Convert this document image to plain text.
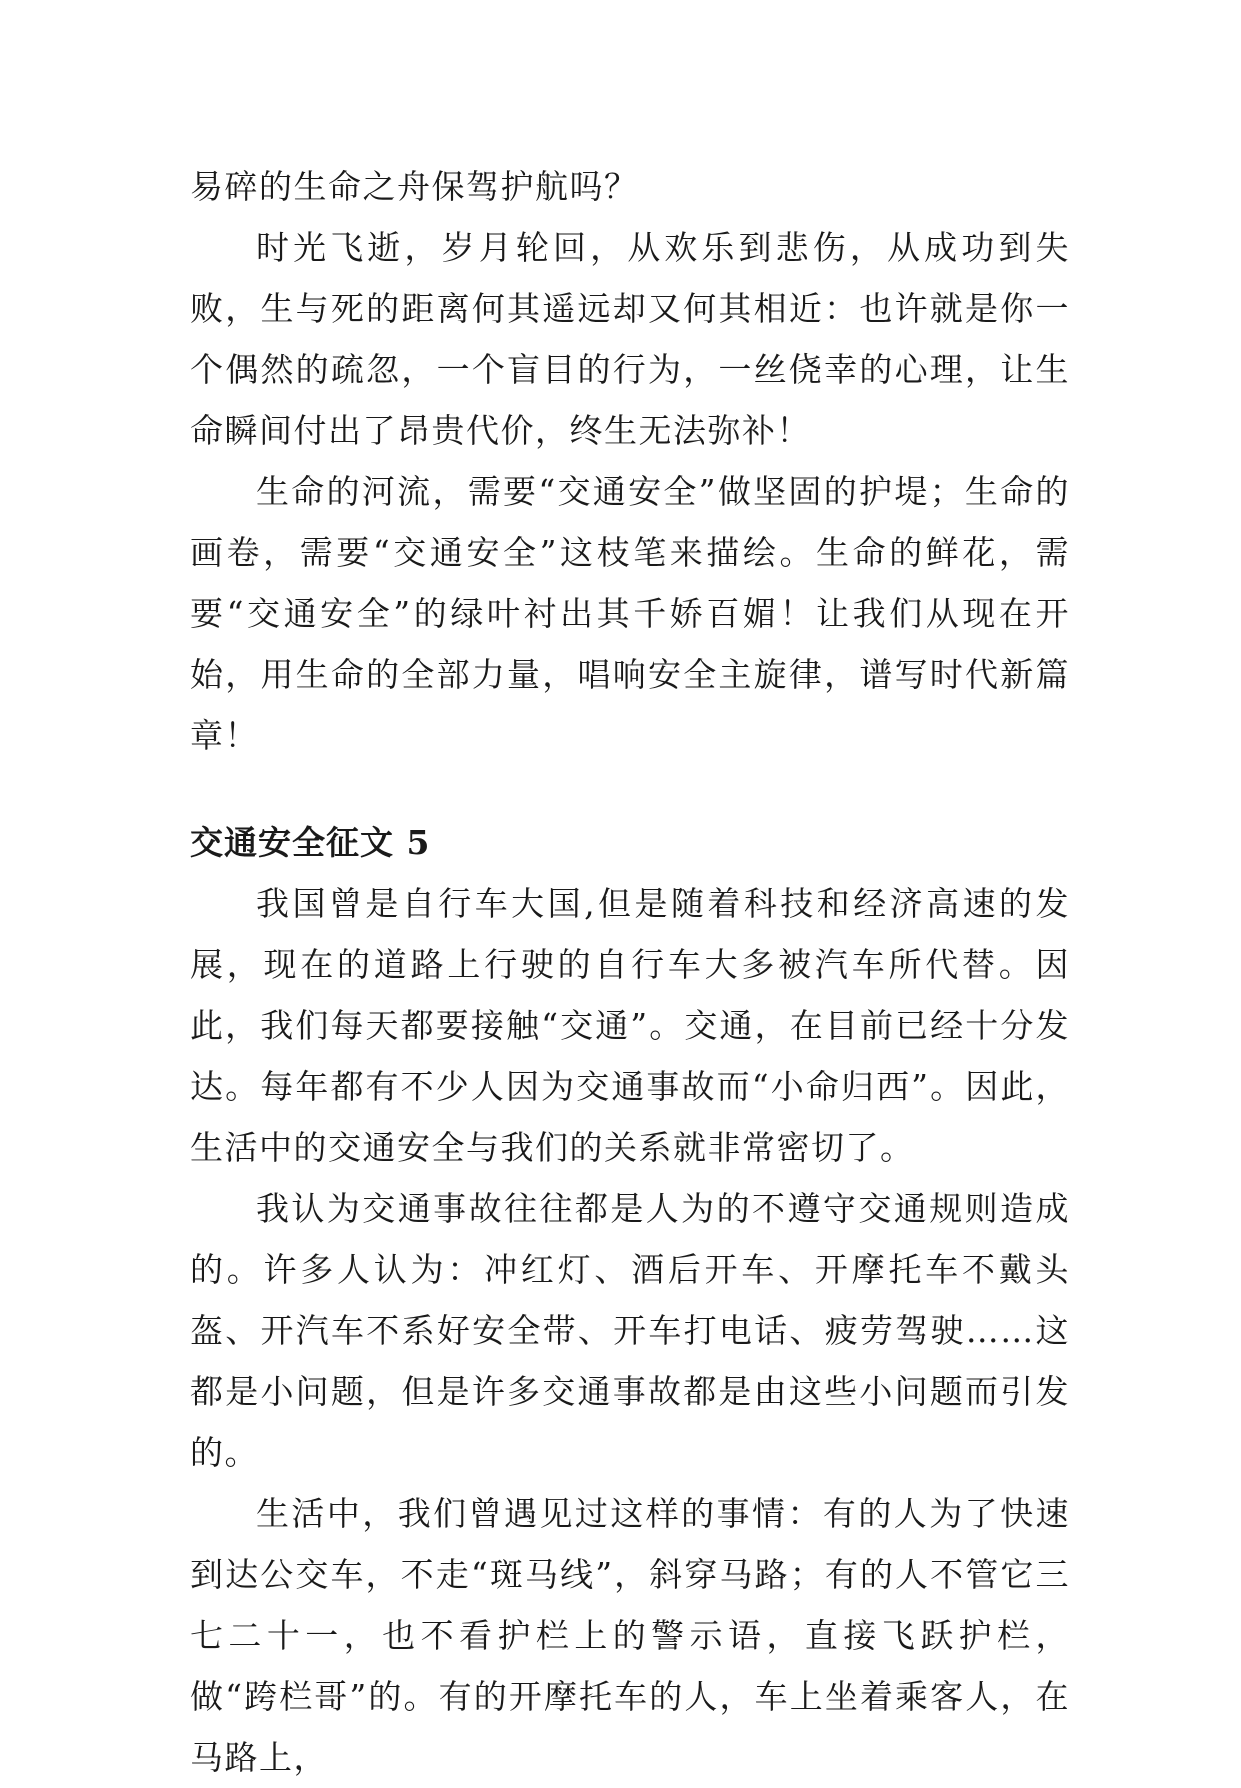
易碎的生命之舟保驾护航吗？

时光飞逝，岁月轮回，从欢乐到悲伤，从成功到失败，生与死的距离何其遥远却又何其相近：也许就是你一个偶然的疏忽，一个盲目的行为，一丝侥幸的心理，让生命瞬间付出了昂贵代价，终生无法弥补！

生命的河流，需要“交通安全”做坚固的护堤；生命的画卷，需要“交通安全”这枝笔来描绘。生命的鲜花，需要“交通安全”的绿叶衬出其千娇百媚！让我们从现在开始，用生命的全部力量，唱响安全主旋律，谱写时代新篇章！

交通安全征文 5

我国曾是自行车大国,但是随着科技和经济高速的发展，现在的道路上行驶的自行车大多被汽车所代替。因此，我们每天都要接触“交通”。交通，在目前已经十分发达。每年都有不少人因为交通事故而“小命归西”。因此，生活中的交通安全与我们的关系就非常密切了。

我认为交通事故往往都是人为的不遵守交通规则造成的。许多人认为：冲红灯、酒后开车、开摩托车不戴头盔、开汽车不系好安全带、开车打电话、疲劳驾驶……这都是小问题，但是许多交通事故都是由这些小问题而引发的。

生活中，我们曾遇见过这样的事情：有的人为了快速到达公交车，不走“斑马线”，斜穿马路；有的人不管它三七二十一，也不看护栏上的警示语，直接飞跃护栏，做“跨栏哥”的。有的开摩托车的人，车上坐着乘客人，在马路上，
